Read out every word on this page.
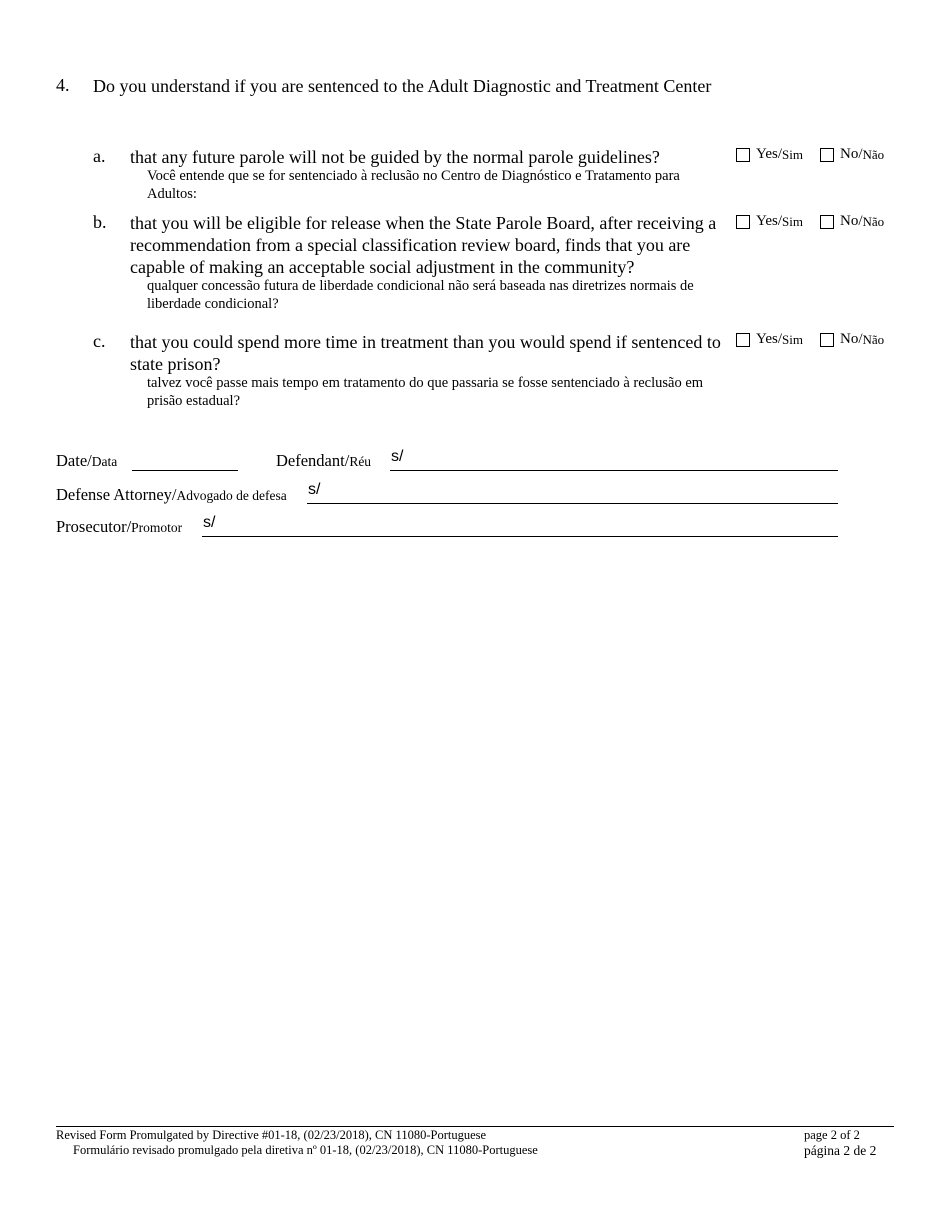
4. Do you understand if you are sentenced to the Adult Diagnostic and Treatment Center
a. that any future parole will not be guided by the normal parole guidelines?
Você entende que se for sentenciado à reclusão no Centro de Diagnóstico e Tratamento para Adultos:
Yes/ Sim No/ Não
b. that you will be eligible for release when the State Parole Board, after receiving a recommendation from a special classification review board, finds that you are capable of making an acceptable social adjustment in the community?
qualquer concessão futura de liberdade condicional não será baseada nas diretrizes normais de liberdade condicional?
Yes/ Sim No/ Não
c. that you could spend more time in treatment than you would spend if sentenced to state prison?
talvez você passe mais tempo em tratamento do que passaria se fosse sentenciado à reclusão em prisão estadual?
Yes/ Sim No/ Não
Date/Data	Defendant/Réu s/
Defense Attorney/Advogado de defesa s/
Prosecutor/Promotor s/
Revised Form Promulgated by Directive #01-18, (02/23/2018), CN 11080-Portuguese
Formulário revisado promulgado pela diretiva nº 01-18, (02/23/2018), CN 11080-Portuguese
page 2 of 2
página 2 de 2
